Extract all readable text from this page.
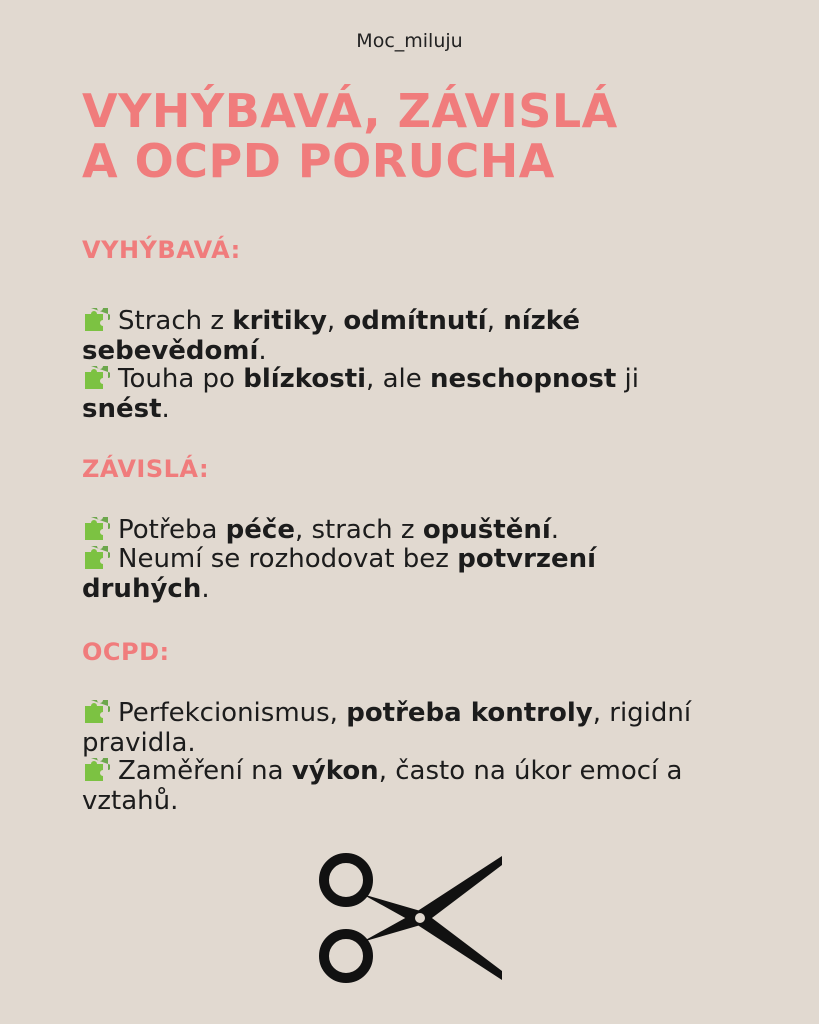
Moc_miluju
VYHÝBAVÁ, ZÁVISLÁ
A OCPD PORUCHA
VYHÝBAVÁ:
Strach z kritiky, odmítnutí, nízké sebevědomí.
Touha po blízkosti, ale neschopnost ji snést.
ZÁVISLÁ:
Potřeba péče, strach z opuštění.
Neumí se rozhodovat bez potvrzení druhých.
OCPD:
Perfekcionismus, potřeba kontroly, rigidní pravidla.
Zaměření na výkon, často na úkor emocí a vztahů.
